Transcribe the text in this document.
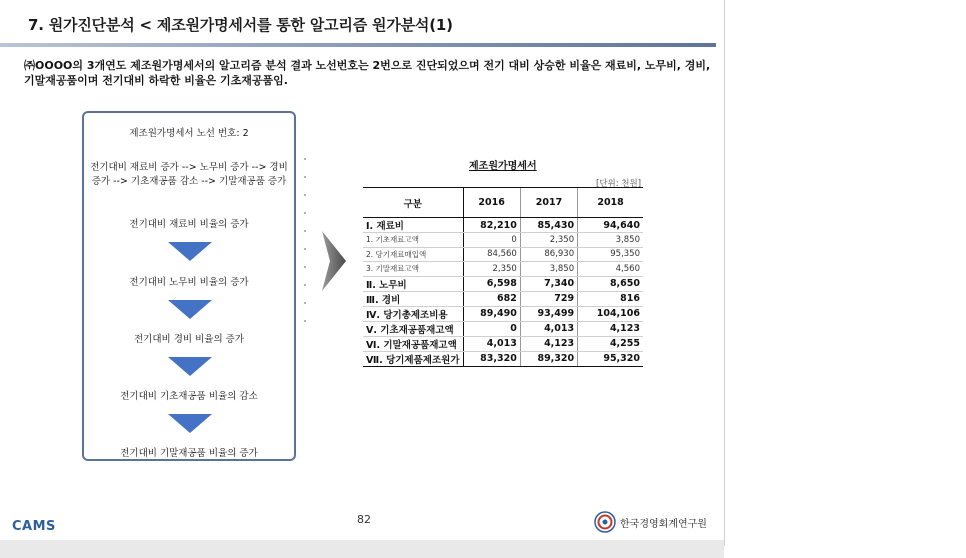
7. 원가진단분석 < 제조원가명세서를 통한 알고리즘 원가분석(1)
㈜OOOO의 3개연도 제조원가명세서의 알고리즘 분석 결과 노선번호는 2번으로 진단되었으며 전기 대비 상승한 비율은 재료비, 노무비, 경비, 기말재공품이며 전기대비 하락한 비율은 기초재공품임.
제조원가명세서 노선 번호: 2
전기대비 재료비 증가 --> 노무비 증가 --> 경비
증가 --> 기초재공품 감소 --> 기말재공품 증가
전기대비 재료비 비율의 증가
전기대비 노무비 비율의 증가
전기대비 경비 비율의 증가
전기대비 기초재공품 비율의 감소
전기대비 기말재공품 비율의 증가
제조원가명세서
[단위: 천원]
구분	2016	2017	2018
Ⅰ. 재료비	82,210	85,430	94,640
1. 기초재료고액	0	2,350	3,850
2. 당기재료매입액	84,560	86,930	95,350
3. 기말재료고액	2,350	3,850	4,560
Ⅱ. 노무비	6,598	7,340	8,650
Ⅲ. 경비	682	729	816
Ⅳ. 당기총제조비용	89,490	93,499	104,106
Ⅴ. 기초재공품재고액	0	4,013	4,123
Ⅵ. 기말재공품재고액	4,013	4,123	4,255
Ⅶ. 당기제품제조원가	83,320	89,320	95,320
CAMS	82	한국경영회계연구원
